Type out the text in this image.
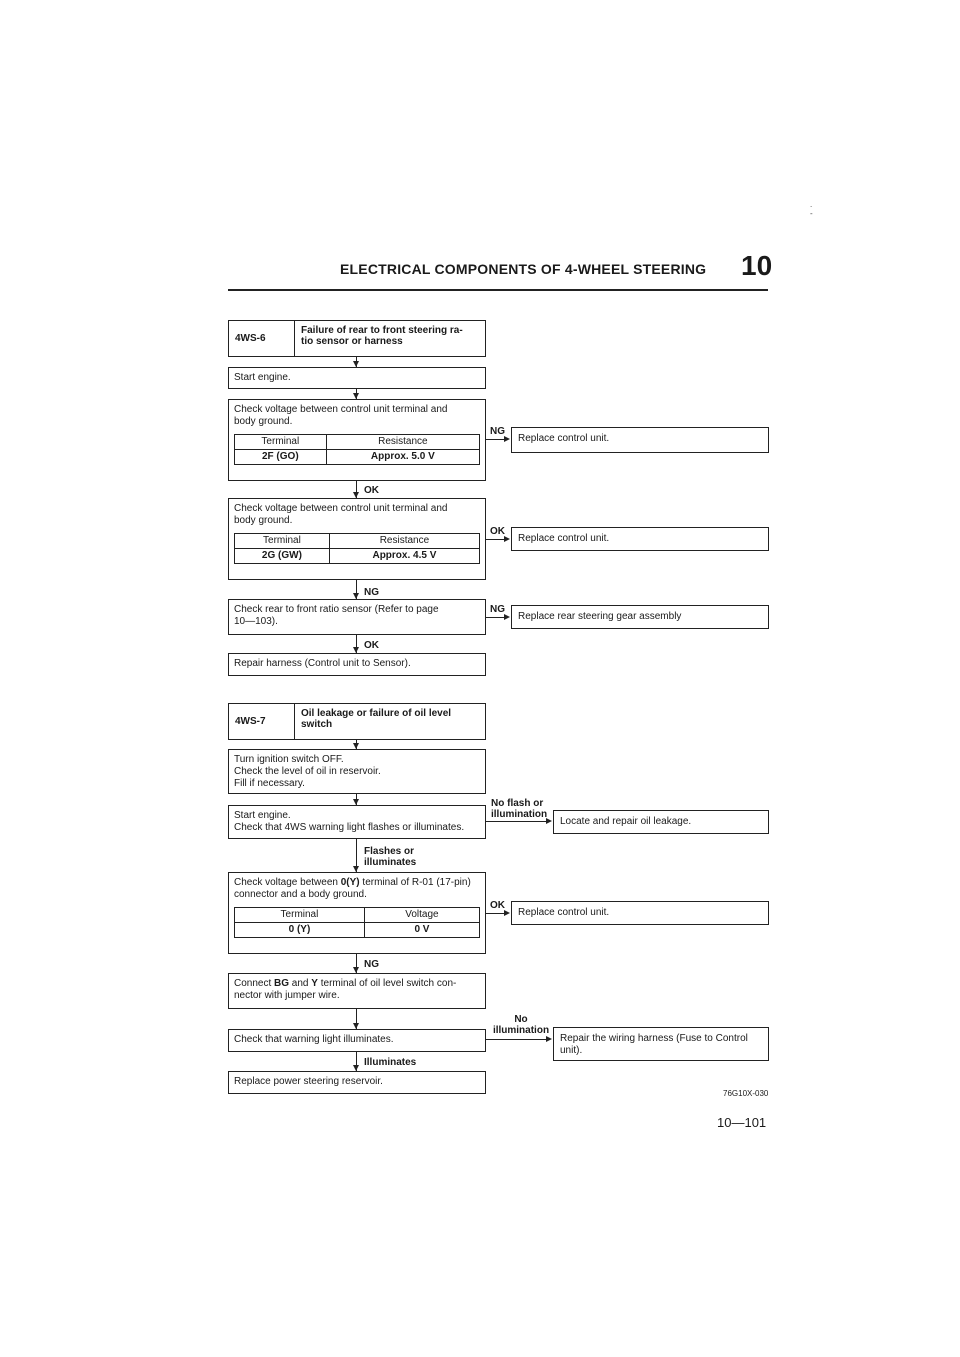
.
-
ELECTRICAL COMPONENTS OF 4-WHEEL STEERING 10
4WS-6
Failure of rear to front steering ra-
tio sensor or harness
Start engine.
Check voltage between control unit terminal and
body ground.
Terminal	Resistance
2F (GO)	Approx. 5.0 V
NG
Replace control unit.
OK
Check voltage between control unit terminal and
body ground.
Terminal	Resistance
2G (GW)	Approx. 4.5 V
OK
Replace control unit.
NG
Check rear to front ratio sensor (Refer to page
10—103).
NG
Replace rear steering gear assembly
OK
Repair harness (Control unit to Sensor).
4WS-7
Oil leakage or failure of oil level
switch
Turn ignition switch OFF.
Check the level of oil in reservoir.
Fill if necessary.
Start engine.
Check that 4WS warning light flashes or illuminates.
No flash or
illumination
Locate and repair oil leakage.
Flashes or
illuminates
Check voltage between 0(Y) terminal of R-01 (17-pin)
connector and a body ground.
Terminal	Voltage
0 (Y)	0 V
OK
Replace control unit.
NG
Connect BG and Y terminal of oil level switch con-
nector with jumper wire.
Check that warning light illuminates.
No
illumination
Repair the wiring harness (Fuse to Control
unit).
Illuminates
Replace power steering reservoir.
76G10X-030
10—101
